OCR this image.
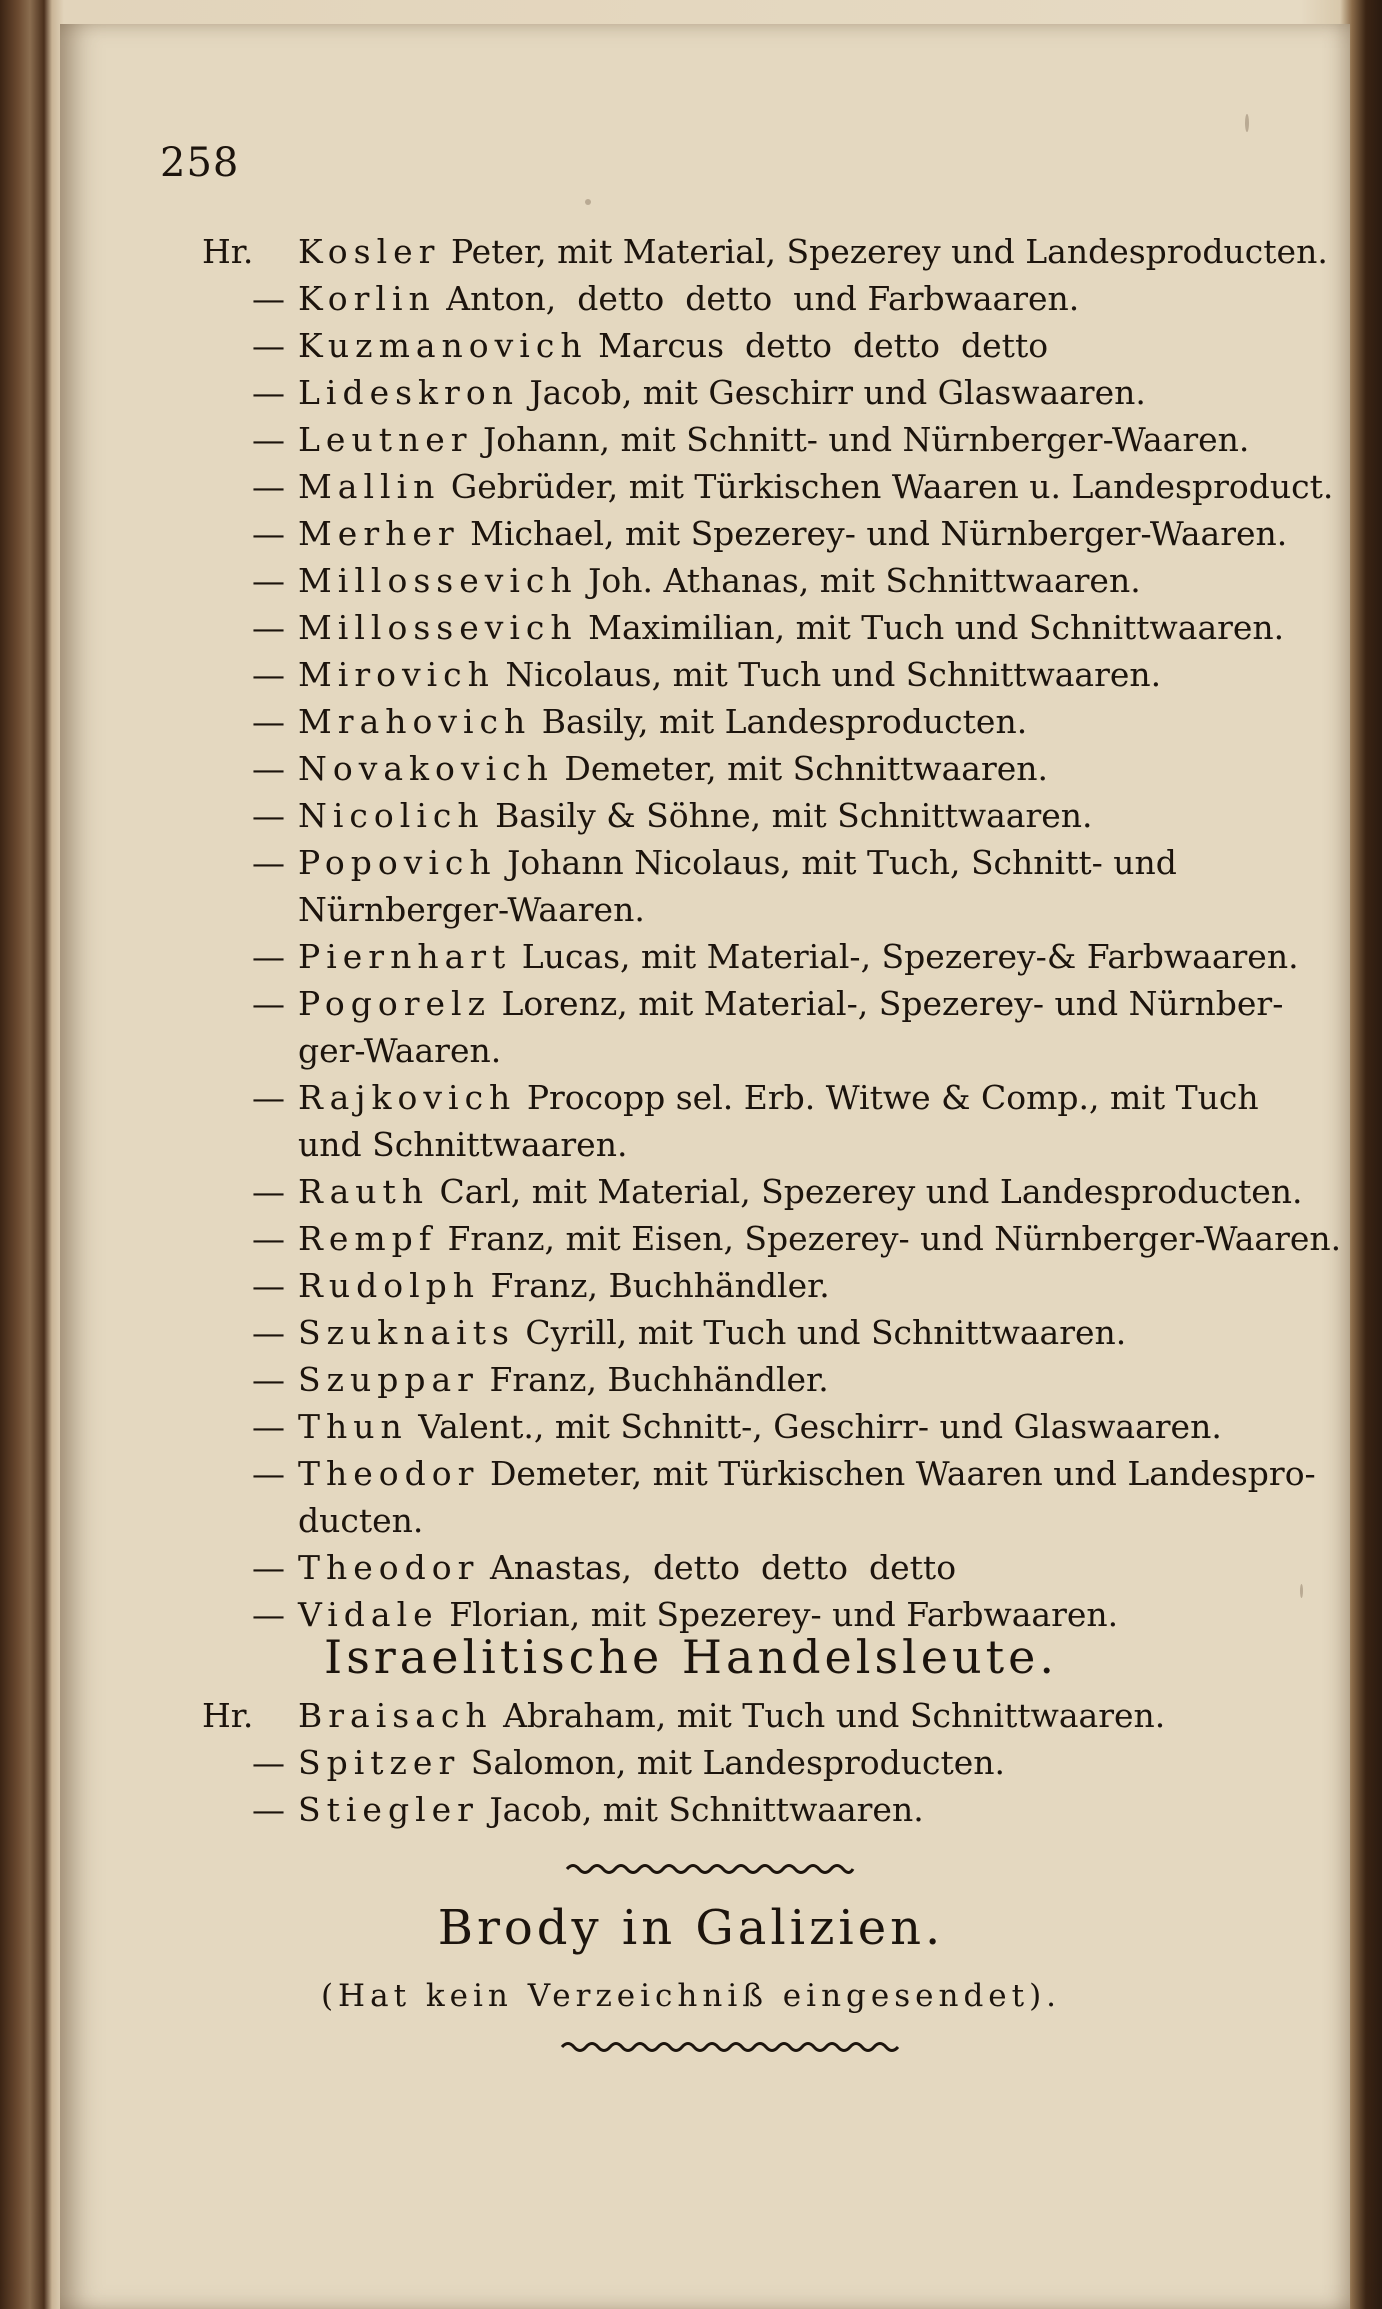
258
Hr. Kosler Peter, mit Material, Spezerey und Landesproducten.
— Korlin Anton,  detto  detto  und Farbwaaren.
— Kuzmanovich Marcus  detto  detto  detto
— Lideskron Jacob, mit Geschirr und Glaswaaren.
— Leutner Johann, mit Schnitt- und Nürnberger-Waaren.
— Mallin Gebrüder, mit Türkischen Waaren u. Landesproduct.
— Merher Michael, mit Spezerey- und Nürnberger-Waaren.
— Millossevich Joh. Athanas, mit Schnittwaaren.
— Millossevich Maximilian, mit Tuch und Schnittwaaren.
— Mirovich Nicolaus, mit Tuch und Schnittwaaren.
— Mrahovich Basily, mit Landesproducten.
— Novakovich Demeter, mit Schnittwaaren.
— Nicolich Basily & Söhne, mit Schnittwaaren.
— Popovich Johann Nicolaus, mit Tuch, Schnitt- und
Nürnberger-Waaren.
— Piernhart Lucas, mit Material-, Spezerey-& Farbwaaren.
— Pogorelz Lorenz, mit Material-, Spezerey- und Nürnber-
ger-Waaren.
— Rajkovich Procopp sel. Erb. Witwe & Comp., mit Tuch
und Schnittwaaren.
— Rauth Carl, mit Material, Spezerey und Landesproducten.
— Rempf Franz, mit Eisen, Spezerey- und Nürnberger-Waaren.
— Rudolph Franz, Buchhändler.
— Szuknaits Cyrill, mit Tuch und Schnittwaaren.
— Szuppar Franz, Buchhändler.
— Thun Valent., mit Schnitt-, Geschirr- und Glaswaaren.
— Theodor Demeter, mit Türkischen Waaren und Landespro-
ducten.
— Theodor Anastas,  detto  detto  detto
— Vidale Florian, mit Spezerey- und Farbwaaren.
Israelitische Handelsleute.
Hr. Braisach Abraham, mit Tuch und Schnittwaaren.
— Spitzer Salomon, mit Landesproducten.
— Stiegler Jacob, mit Schnittwaaren.
Brody in Galizien.
(Hat kein Verzeichniß eingesendet).
